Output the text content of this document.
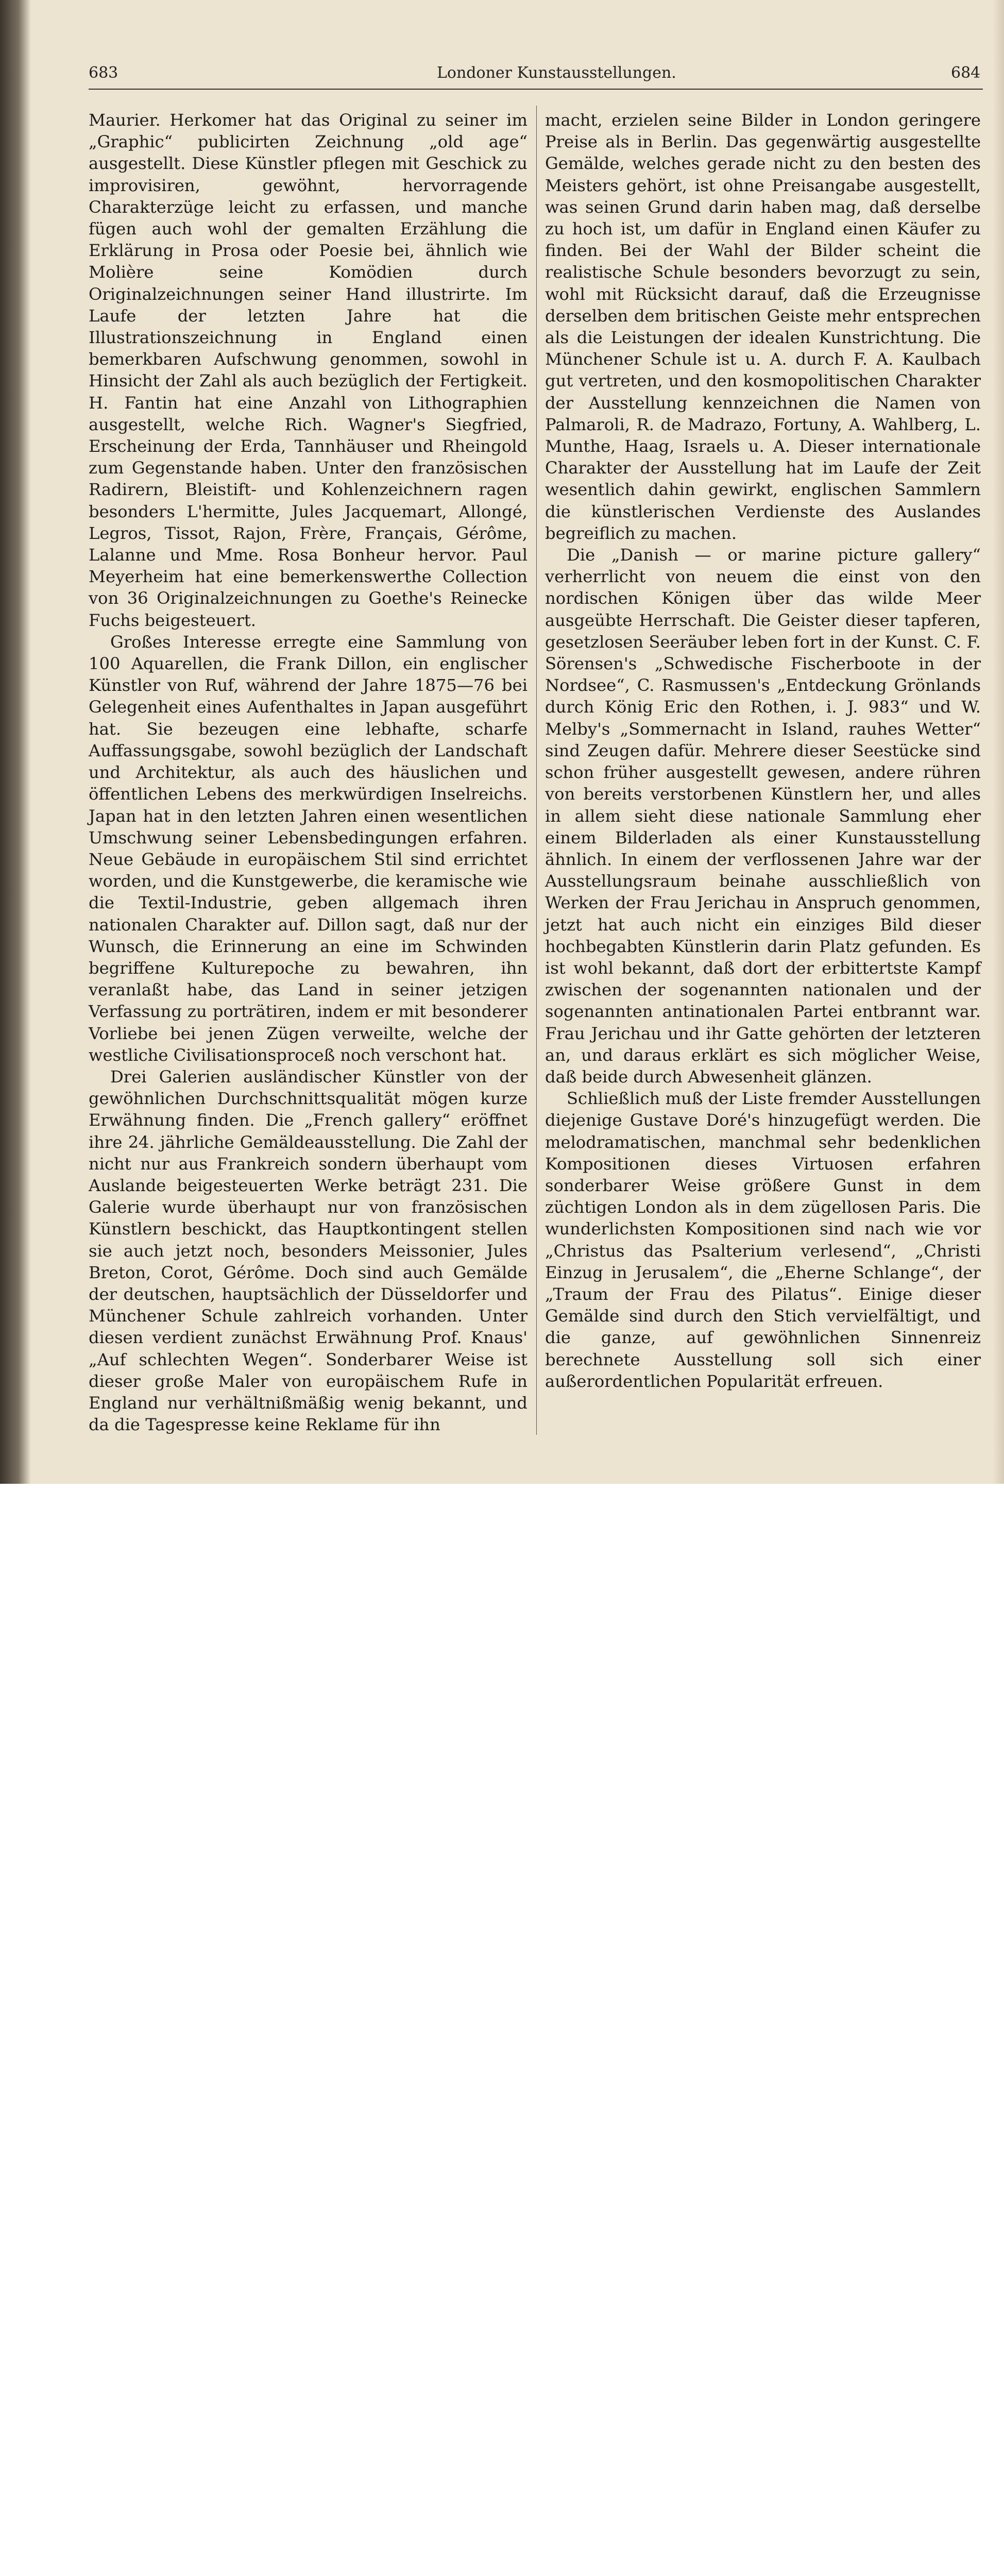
683	Londoner Kunstausstellungen.	684

Maurier. Herkomer hat das Original zu seiner im „Graphic“ publicirten Zeichnung „old age“ ausgestellt. Diese Künstler pflegen mit Geschick zu improvisiren, gewöhnt, hervorragende Charakterzüge leicht zu erfassen, und manche fügen auch wohl der gemalten Erzählung die Erklärung in Prosa oder Poesie bei, ähnlich wie Molière seine Komödien durch Originalzeichnungen seiner Hand illustrirte. Im Laufe der letzten Jahre hat die Illustrationszeichnung in England einen bemerkbaren Aufschwung genommen, sowohl in Hinsicht der Zahl als auch bezüglich der Fertigkeit. H. Fantin hat eine Anzahl von Lithographien ausgestellt, welche Rich. Wagner's Siegfried, Erscheinung der Erda, Tannhäuser und Rheingold zum Gegenstande haben. Unter den französischen Radirern, Bleistift- und Kohlenzeichnern ragen besonders L'hermitte, Jules Jacquemart, Allongé, Legros, Tissot, Rajon, Frère, Français, Gérôme, Lalanne und Mme. Rosa Bonheur hervor. Paul Meyerheim hat eine bemerkenswerthe Collection von 36 Originalzeichnungen zu Goethe's Reinecke Fuchs beigesteuert.

Großes Interesse erregte eine Sammlung von 100 Aquarellen, die Frank Dillon, ein englischer Künstler von Ruf, während der Jahre 1875—76 bei Gelegenheit eines Aufenthaltes in Japan ausgeführt hat. Sie bezeugen eine lebhafte, scharfe Auffassungsgabe, sowohl bezüglich der Landschaft und Architektur, als auch des häuslichen und öffentlichen Lebens des merkwürdigen Inselreichs. Japan hat in den letzten Jahren einen wesentlichen Umschwung seiner Lebensbedingungen erfahren. Neue Gebäude in europäischem Stil sind errichtet worden, und die Kunstgewerbe, die keramische wie die Textil-Industrie, geben allgemach ihren nationalen Charakter auf. Dillon sagt, daß nur der Wunsch, die Erinnerung an eine im Schwinden begriffene Kulturepoche zu bewahren, ihn veranlaßt habe, das Land in seiner jetzigen Verfassung zu porträtiren, indem er mit besonderer Vorliebe bei jenen Zügen verweilte, welche der westliche Civilisationsproceß noch verschont hat.

Drei Galerien ausländischer Künstler von der gewöhnlichen Durchschnittsqualität mögen kurze Erwähnung finden. Die „French gallery“ eröffnet ihre 24. jährliche Gemäldeausstellung. Die Zahl der nicht nur aus Frankreich sondern überhaupt vom Auslande beigesteuerten Werke beträgt 231. Die Galerie wurde überhaupt nur von französischen Künstlern beschickt, das Hauptkontingent stellen sie auch jetzt noch, besonders Meissonier, Jules Breton, Corot, Gérôme. Doch sind auch Gemälde der deutschen, hauptsächlich der Düsseldorfer und Münchener Schule zahlreich vorhanden. Unter diesen verdient zunächst Erwähnung Prof. Knaus' „Auf schlechten Wegen“. Sonderbarer Weise ist dieser große Maler von europäischem Rufe in England nur verhältnißmäßig wenig bekannt, und da die Tagespresse keine Reklame für ihn

macht, erzielen seine Bilder in London geringere Preise als in Berlin. Das gegenwärtig ausgestellte Gemälde, welches gerade nicht zu den besten des Meisters gehört, ist ohne Preisangabe ausgestellt, was seinen Grund darin haben mag, daß derselbe zu hoch ist, um dafür in England einen Käufer zu finden. Bei der Wahl der Bilder scheint die realistische Schule besonders bevorzugt zu sein, wohl mit Rücksicht darauf, daß die Erzeugnisse derselben dem britischen Geiste mehr entsprechen als die Leistungen der idealen Kunstrichtung. Die Münchener Schule ist u. A. durch F. A. Kaulbach gut vertreten, und den kosmopolitischen Charakter der Ausstellung kennzeichnen die Namen von Palmaroli, R. de Madrazo, Fortuny, A. Wahlberg, L. Munthe, Haag, Israels u. A. Dieser internationale Charakter der Ausstellung hat im Laufe der Zeit wesentlich dahin gewirkt, englischen Sammlern die künstlerischen Verdienste des Auslandes begreiflich zu machen.

Die „Danish — or marine picture gallery“ verherrlicht von neuem die einst von den nordischen Königen über das wilde Meer ausgeübte Herrschaft. Die Geister dieser tapferen, gesetzlosen Seeräuber leben fort in der Kunst. C. F. Sörensen's „Schwedische Fischerboote in der Nordsee“, C. Rasmussen's „Entdeckung Grönlands durch König Eric den Rothen, i. J. 983“ und W. Melby's „Sommernacht in Island, rauhes Wetter“ sind Zeugen dafür. Mehrere dieser Seestücke sind schon früher ausgestellt gewesen, andere rühren von bereits verstorbenen Künstlern her, und alles in allem sieht diese nationale Sammlung eher einem Bilderladen als einer Kunstausstellung ähnlich. In einem der verflossenen Jahre war der Ausstellungsraum beinahe ausschließlich von Werken der Frau Jerichau in Anspruch genommen, jetzt hat auch nicht ein einziges Bild dieser hochbegabten Künstlerin darin Platz gefunden. Es ist wohl bekannt, daß dort der erbittertste Kampf zwischen der sogenannten nationalen und der sogenannten antinationalen Partei entbrannt war. Frau Jerichau und ihr Gatte gehörten der letzteren an, und daraus erklärt es sich möglicher Weise, daß beide durch Abwesenheit glänzen.

Schließlich muß der Liste fremder Ausstellungen diejenige Gustave Doré's hinzugefügt werden. Die melodramatischen, manchmal sehr bedenklichen Kompositionen dieses Virtuosen erfahren sonderbarer Weise größere Gunst in dem züchtigen London als in dem zügellosen Paris. Die wunderlichsten Kompositionen sind nach wie vor „Christus das Psalterium verlesend“, „Christi Einzug in Jerusalem“, die „Eherne Schlange“, der „Traum der Frau des Pilatus“. Einige dieser Gemälde sind durch den Stich vervielfältigt, und die ganze, auf gewöhnlichen Sinnenreiz berechnete Ausstellung soll sich einer außerordentlichen Popularität erfreuen.
